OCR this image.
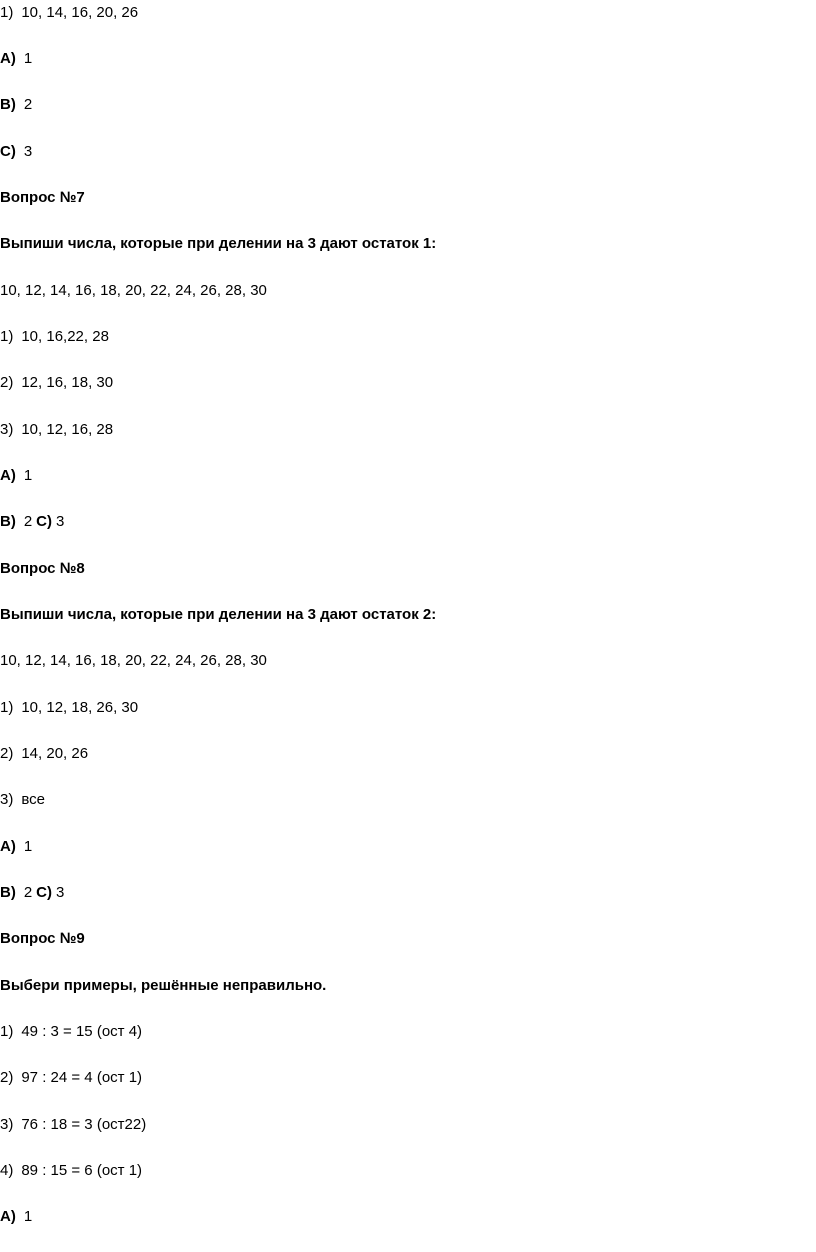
1) 10, 14, 16, 20, 26
A) 1
B) 2
C) 3
Вопрос №7
Выпиши числа, которые при делении на 3 дают остаток 1:
10, 12, 14, 16, 18, 20, 22, 24, 26, 28, 30
1) 10, 16,22, 28
2) 12, 16, 18, 30
3) 10, 12, 16, 28
A) 1
B) 2 C) 3
Вопрос №8
Выпиши числа, которые при делении на 3 дают остаток 2:
10, 12, 14, 16, 18, 20, 22, 24, 26, 28, 30
1) 10, 12, 18, 26, 30
2) 14, 20, 26
3) все
A) 1
B) 2 C) 3
Вопрос №9
Выбери примеры, решённые неправильно.
1) 49 : 3 = 15 (ост 4)
2) 97 : 24 = 4 (ост 1)
3) 76 : 18 = 3 (ост22)
4) 89 : 15 = 6 (ост 1)
A) 1
